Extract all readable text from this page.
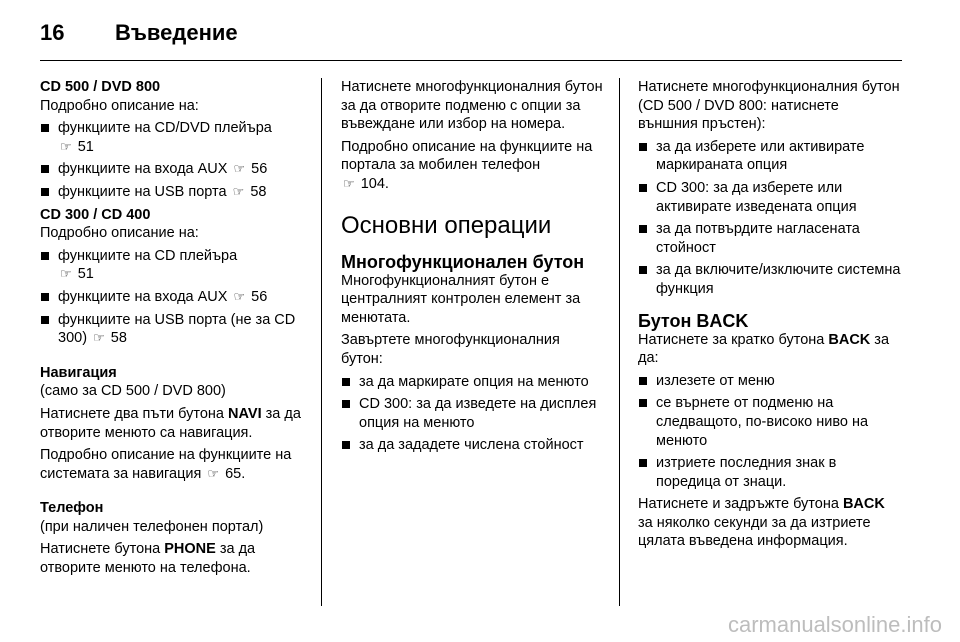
16 Въведение
CD 500 / DVD 800
Подробно описание на:
функциите на CD/DVD плейъра
☞ 51
функциите на входа AUX ☞ 56
функциите на USB порта ☞ 58
CD 300 / CD 400
Подробно описание на:
функциите на CD плейъра
☞ 51
функциите на входа AUX ☞ 56
функциите на USB порта (не за CD 300) ☞ 58
Навигация
(само за CD 500 / DVD 800)
Натиснете два пъти бутона NAVI за да отворите менюто са навигация.
Подробно описание на функциите на системата за навигация ☞ 65.
Телефон
(при наличен телефонен портал)
Натиснете бутона PHONE за да отворите менюто на телефона.
Натиснете многофункционалния бутон за да отворите подменю с опции за въвеждане или избор на номера.
Подробно описание на функциите на портала за мобилен телефон
☞ 104.
Основни операции
Многофункционален бутон
Многофункционалният бутон е централният контролен елемент за менютата.
Завъртете многофункционалния бутон:
за да маркирате опция на менюто
CD 300: за да изведете на дисплея опция на менюто
за да зададете числена стойност
Натиснете многофункционалния бутон (CD 500 / DVD 800: натиснете външния пръстен):
за да изберете или активирате маркираната опция
CD 300: за да изберете или активирате изведената опция
за да потвърдите нагласената стойност
за да включите/изключите системна функция
Бутон BACK
Натиснете за кратко бутона BACK за да:
излезете от меню
се върнете от подменю на следващото, по-високо ниво на менюто
изтриете последния знак в поредица от знаци.
Натиснете и задръжте бутона BACK за няколко секунди за да изтриете цялата въведена информация.
carmanualsonline.info
